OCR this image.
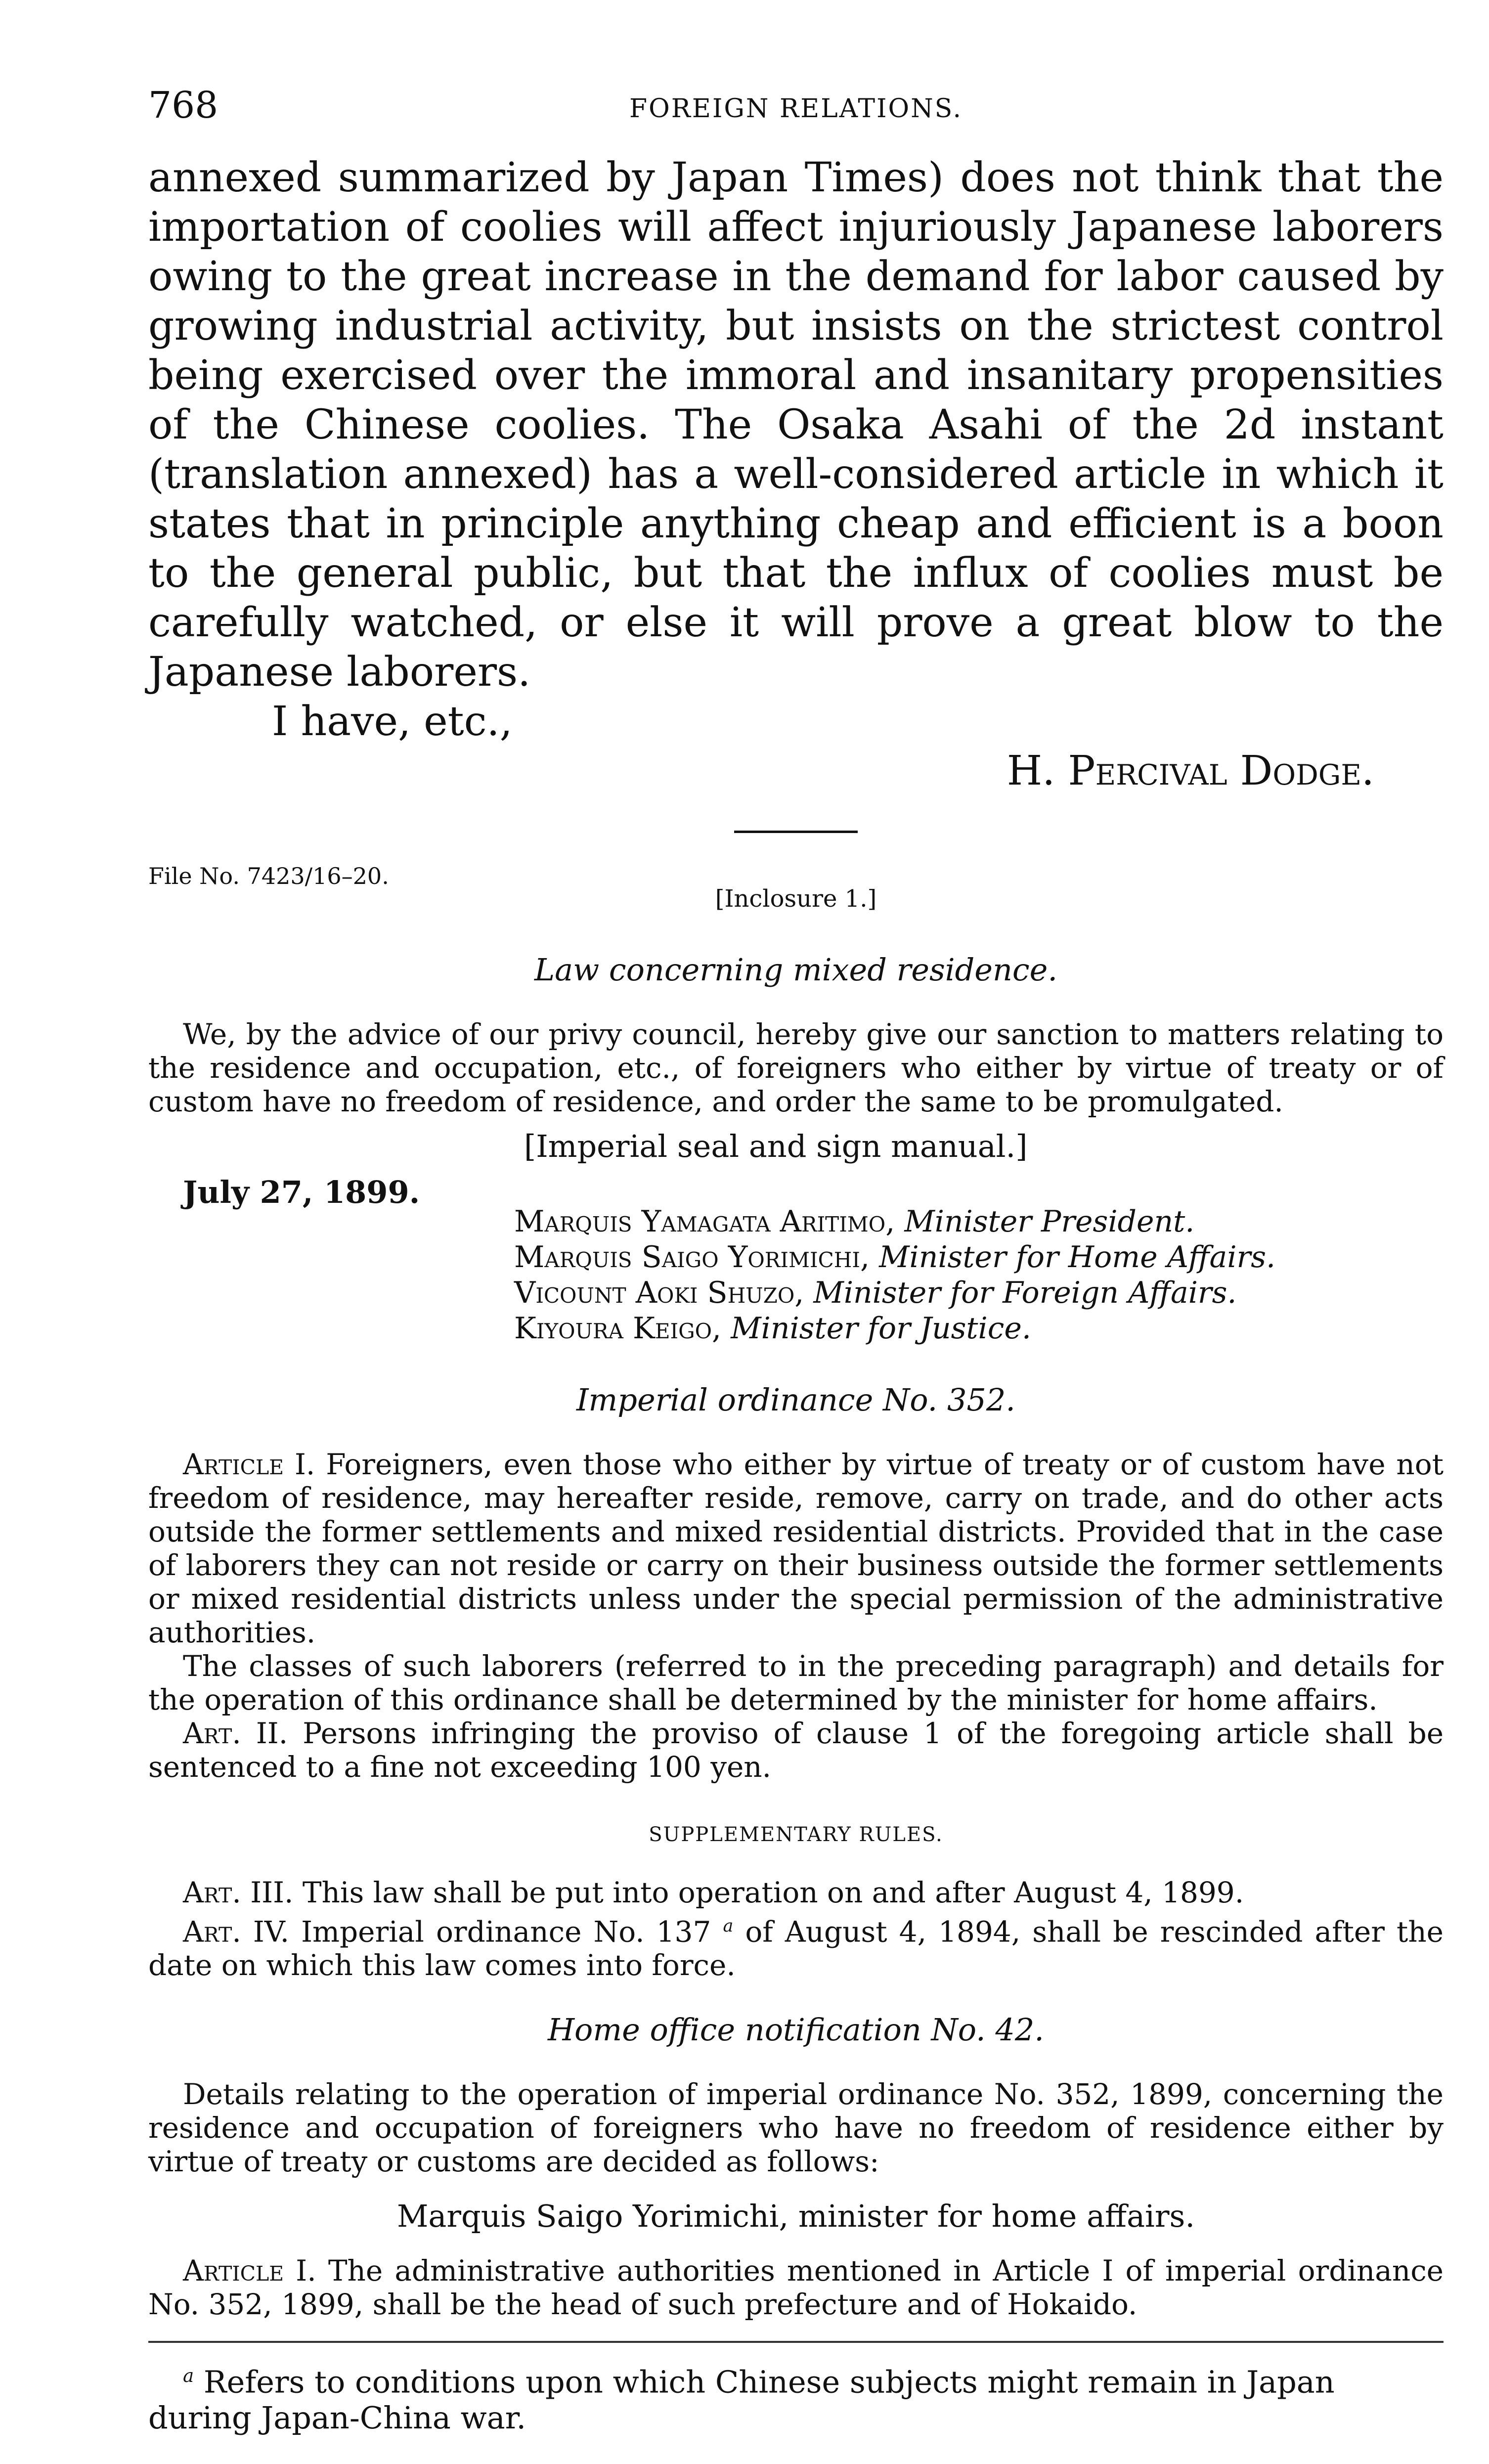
768	FOREIGN RELATIONS.

annexed summarized by Japan Times) does not think that the importation of coolies will affect injuriously Japanese laborers owing to the great increase in the demand for labor caused by growing industrial activity, but insists on the strictest control being exercised over the immoral and insanitary propensities of the Chinese coolies. The Osaka Asahi of the 2d instant (translation annexed) has a well-considered article in which it states that in principle anything cheap and efficient is a boon to the general public, but that the influx of coolies must be carefully watched, or else it will prove a great blow to the Japanese laborers.

I have, etc.,
H. Percival Dodge.
File No. 7423/16–20.
[Inclosure 1.]
Law concerning mixed residence.

We, by the advice of our privy council, hereby give our sanction to matters relating to the residence and occupation, etc., of foreigners who either by virtue of treaty or of custom have no freedom of residence, and order the same to be promulgated.

[Imperial seal and sign manual.]
July 27, 1899.
Marquis Yamagata Aritimo, Minister President.
Marquis Saigo Yorimichi, Minister for Home Affairs.
Vicount Aoki Shuzo, Minister for Foreign Affairs.
Kiyoura Keigo, Minister for Justice.
Imperial ordinance No. 352.

Article I. Foreigners, even those who either by virtue of treaty or of custom have not freedom of residence, may hereafter reside, remove, carry on trade, and do other acts outside the former settlements and mixed residential districts. Provided that in the case of laborers they can not reside or carry on their business outside the former settlements or mixed residential districts unless under the special permission of the administrative authorities.

The classes of such laborers (referred to in the preceding paragraph) and details for the operation of this ordinance shall be determined by the minister for home affairs.

Art. II. Persons infringing the proviso of clause 1 of the foregoing article shall be sentenced to a fine not exceeding 100 yen.

SUPPLEMENTARY RULES.

Art. III. This law shall be put into operation on and after August 4, 1899.

Art. IV. Imperial ordinance No. 137 $^a$ of August 4, 1894, shall be rescinded after the date on which this law comes into force.

Home office notification No. 42.

Details relating to the operation of imperial ordinance No. 352, 1899, concerning the residence and occupation of foreigners who have no freedom of residence either by virtue of treaty or customs are decided as follows:

Marquis Saigo Yorimichi, minister for home affairs.

Article I. The administrative authorities mentioned in Article I of imperial ordinance No. 352, 1899, shall be the head of such prefecture and of Hokaido.

$^a$ Refers to conditions upon which Chinese subjects might remain in Japan during Japan-China war.
